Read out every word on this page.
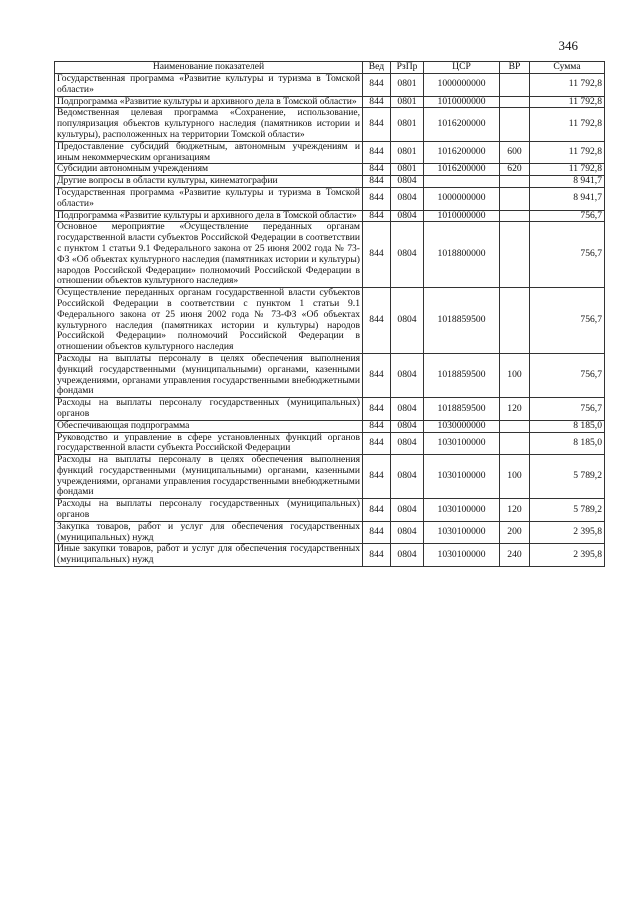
346
Наименование показателей	Вед	РзПр	ЦСР	ВР	Сумма
Государственная программа «Развитие культуры и туризма в Томской области»	844	0801	1000000000		11 792,8
Подпрограмма «Развитие культуры и архивного дела в Томской области»	844	0801	1010000000		11 792,8
Ведомственная целевая программа «Сохранение, использование, популяризация объектов культурного наследия (памятников истории и культуры), расположенных на территории Томской области»	844	0801	1016200000		11 792,8
Предоставление субсидий бюджетным, автономным учреждениям и иным некоммерческим организациям	844	0801	1016200000	600	11 792,8
Субсидии автономным учреждениям	844	0801	1016200000	620	11 792,8
Другие вопросы в области культуры, кинематографии	844	0804			8 941,7
Государственная программа «Развитие культуры и туризма в Томской области»	844	0804	1000000000		8 941,7
Подпрограмма «Развитие культуры и архивного дела в Томской области»	844	0804	1010000000		756,7
Основное мероприятие «Осуществление переданных органам государственной власти субъектов Российской Федерации в соответствии с пунктом 1 статьи 9.1 Федерального закона от 25 июня 2002 года № 73-ФЗ «Об объектах культурного наследия (памятниках истории и культуры) народов Российской Федерации» полномочий Российской Федерации в отношении объектов культурного наследия»	844	0804	1018800000		756,7
Осуществление переданных органам государственной власти субъектов Российской Федерации в соответствии с пунктом 1 статьи 9.1 Федерального закона от 25 июня 2002 года № 73-ФЗ «Об объектах культурного наследия (памятниках истории и культуры) народов Российской Федерации» полномочий Российской Федерации в отношении объектов культурного наследия	844	0804	1018859500		756,7
Расходы на выплаты персоналу в целях обеспечения выполнения функций государственными (муниципальными) органами, казенными учреждениями, органами управления государственными внебюджетными фондами	844	0804	1018859500	100	756,7
Расходы на выплаты персоналу государственных (муниципальных) органов	844	0804	1018859500	120	756,7
Обеспечивающая подпрограмма	844	0804	1030000000		8 185,0
Руководство и управление в сфере установленных функций органов государственной власти субъекта Российской Федерации	844	0804	1030100000		8 185,0
Расходы на выплаты персоналу в целях обеспечения выполнения функций государственными (муниципальными) органами, казенными учреждениями, органами управления государственными внебюджетными фондами	844	0804	1030100000	100	5 789,2
Расходы на выплаты персоналу государственных (муниципальных) органов	844	0804	1030100000	120	5 789,2
Закупка товаров, работ и услуг для обеспечения государственных (муниципальных) нужд	844	0804	1030100000	200	2 395,8
Иные закупки товаров, работ и услуг для обеспечения государственных (муниципальных) нужд	844	0804	1030100000	240	2 395,8
